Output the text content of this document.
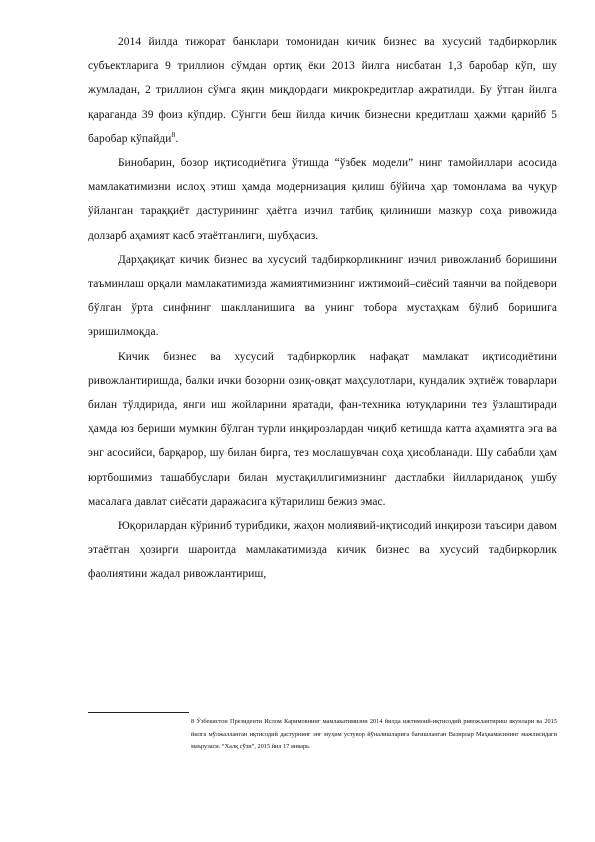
2014 йилда тижорат банклари томонидан кичик бизнес ва хусусий тадбиркорлик субъектларига 9 триллион сўмдан ортиқ ёки 2013 йилга нисбатан 1,3 баробар кўп, шу жумладан, 2 триллион сўмга яқин миқдордаги микрокредитлар ажратилди. Бу ўтган йилга қараганда 39 фоиз кўпдир. Сўнгги беш йилда кичик бизнесни кредитлаш ҳажми қарийб 5 баробар кўпайди$^8$.

Бинобарин, бозор иқтисодиётига ўтишда “ўзбек модели” нинг тамойиллари асосида мамлакатимизни ислоҳ этиш ҳамда модернизация қилиш бўйича ҳар томонлама ва чуқур ўйланган тараққиёт дастурининг ҳаётга изчил татбиқ қилиниши мазкур соҳа ривожида долзарб аҳамият касб этаётганлиги, шубҳасиз.

Дарҳақиқат кичик бизнес ва хусусий тадбиркорликнинг изчил ривожланиб боришини таъминлаш орқали мамлакатимизда жамиятимизнинг ижтимоий–сиёсий таянчи ва пойдевори бўлган ўрта синфнинг шаклланишига ва унинг тобора мустаҳкам бўлиб боришига эришилмоқда.

Кичик бизнес ва хусусий тадбиркорлик нафақат мамлакат иқтисодиётини ривожлантиришда, балки ички бозорни озиқ-овқат маҳсулотлари, кундалик эҳтиёж товарлари билан тўлдирида, янги иш жойларини яратади, фан-техника ютуқларини тез ўзлаштиради ҳамда юз бериши мумкин бўлган турли инқирозлардан чиқиб кетишда катта аҳамиятга эга ва энг асосийси, барқарор, шу билан бирга, тез мослашувчан соҳа ҳисобланади. Шу сабабли ҳам юртбошимиз ташаббуслари билан мустақиллигимизнинг дастлабки йиллариданоқ ушбу масалага давлат сиёсати даражасига кўтарилиш бежиз эмас.

Юқорилардан кўриниб турибдики, жаҳон молиявий-иқтисодий инқирози таъсири давом этаётган ҳозирги шароитда мамлакатимизда кичик бизнес ва хусусий тадбиркорлик фаолиятини жадал ривожлантириш,

8 Ўзбекистон Президенти Ислом Каримовнинг мамлакатимизни 2014 йилда ижтимоий-иқтисодий ривожлантириш якунлари ва 2015 йилга мўлжалланган иқтисодий дастурнинг энг муҳим устувор йўналишларига бағишланган Вазирлар Маҳкамасининг мажлисидаги маърузаси. “Халқ сўзи”, 2015 йил 17 январь.
